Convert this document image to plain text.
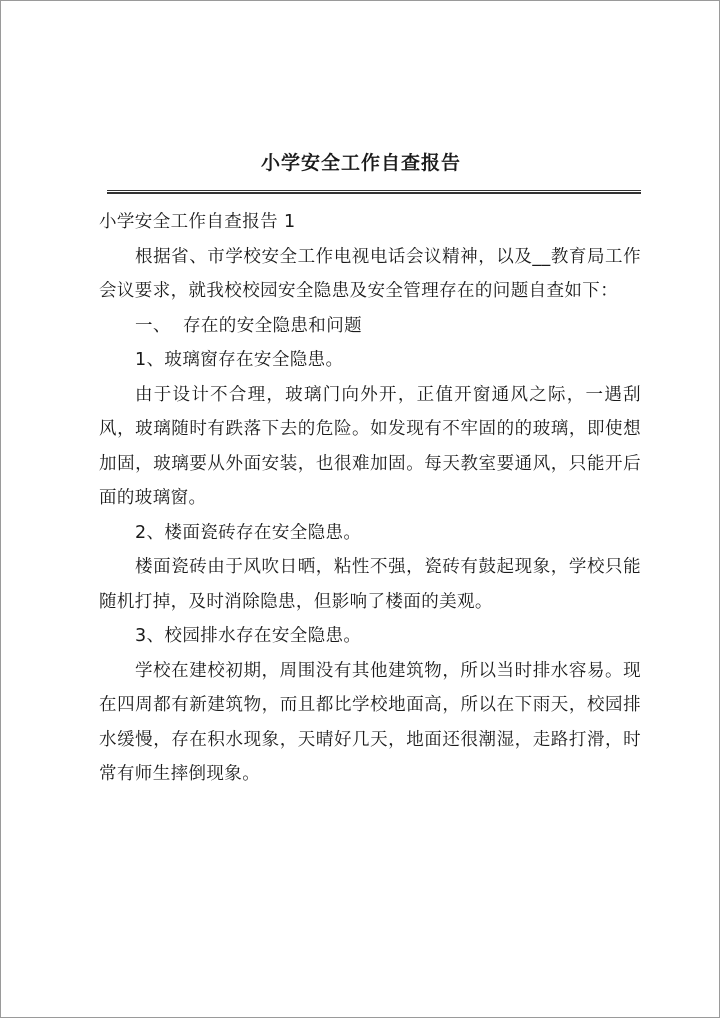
小学安全工作自查报告

小学安全工作自查报告 1

根据省、市学校安全工作电视电话会议精神，以及__教育局工作会议要求，就我校校园安全隐患及安全管理存在的问题自查如下：

一、 存在的安全隐患和问题

1、玻璃窗存在安全隐患。

由于设计不合理，玻璃门向外开，正值开窗通风之际，一遇刮风，玻璃随时有跌落下去的危险。如发现有不牢固的的玻璃，即使想加固，玻璃要从外面安装，也很难加固。每天教室要通风，只能开后面的玻璃窗。

2、楼面瓷砖存在安全隐患。

楼面瓷砖由于风吹日晒，粘性不强，瓷砖有鼓起现象，学校只能随机打掉，及时消除隐患，但影响了楼面的美观。

3、校园排水存在安全隐患。

学校在建校初期，周围没有其他建筑物，所以当时排水容易。现在四周都有新建筑物，而且都比学校地面高，所以在下雨天，校园排水缓慢，存在积水现象，天晴好几天，地面还很潮湿，走路打滑，时常有师生摔倒现象。
